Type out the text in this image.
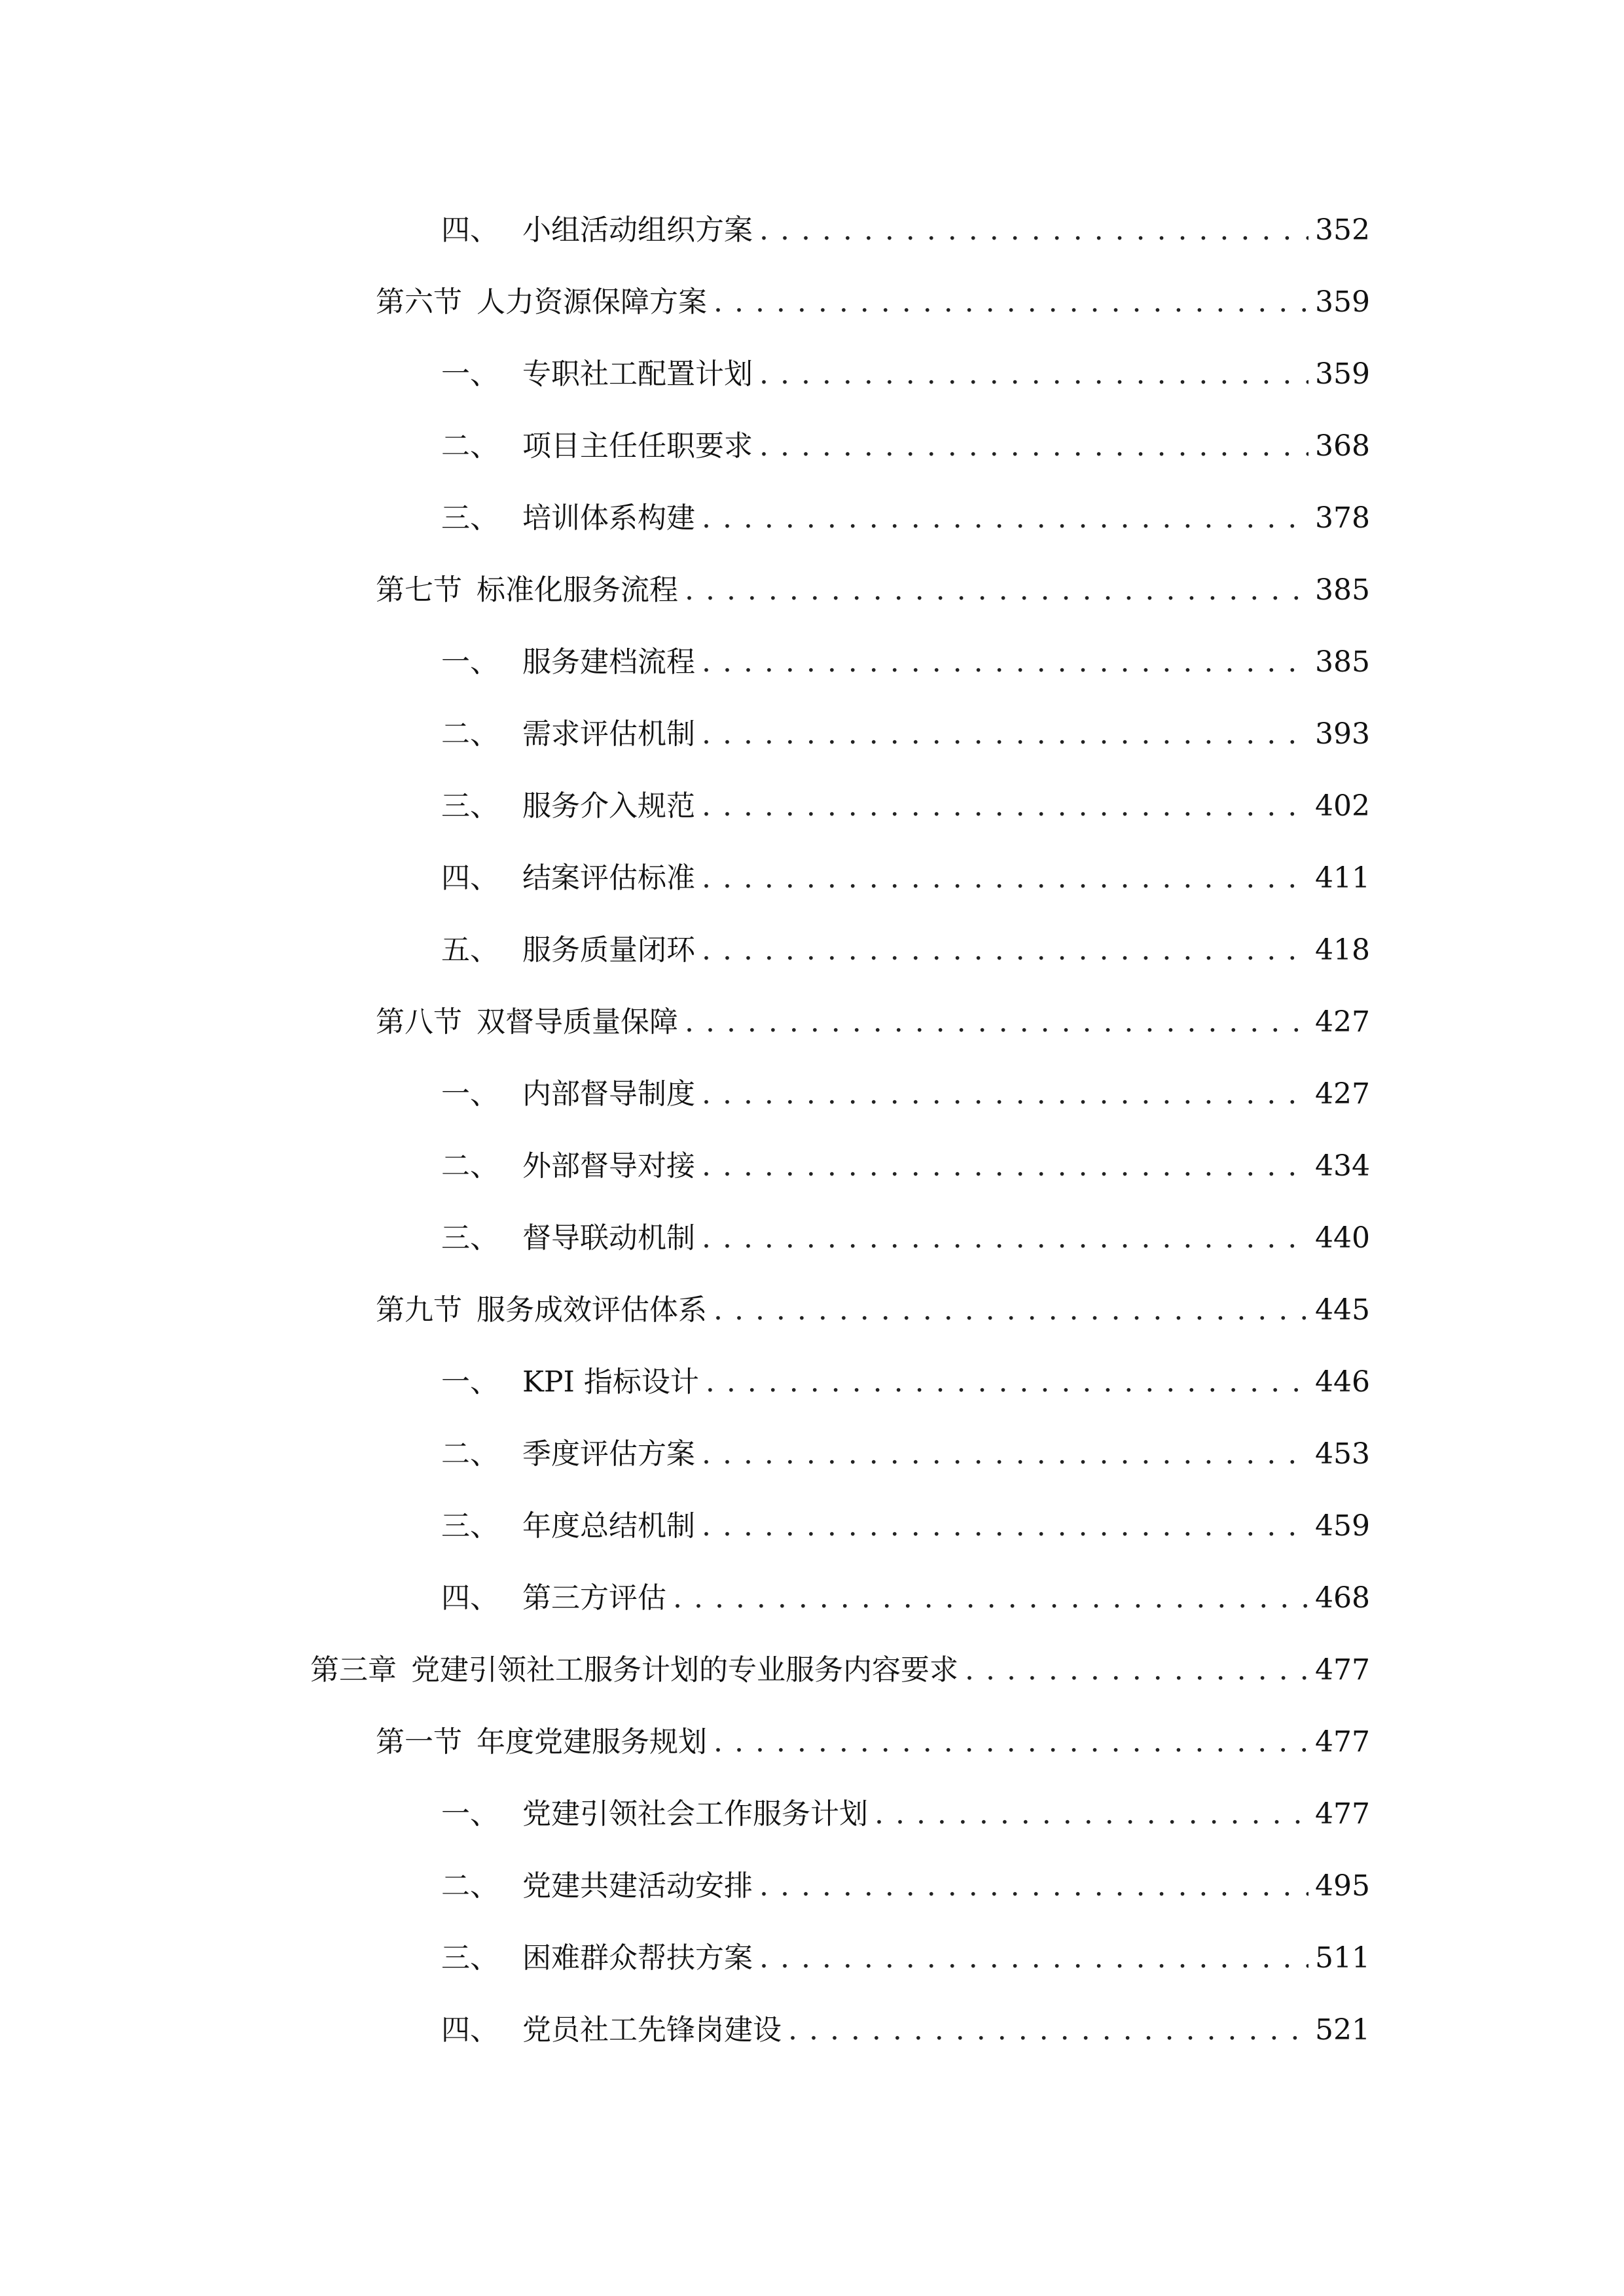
四、 小组活动组织方案 . . .	352
第六节 人力资源保障方案 . . .	359
一、 专职社工配置计划 . . .	359
二、 项目主任任职要求 . . .	368
三、 培训体系构建 . . .	378
第七节 标准化服务流程 . . .	385
一、 服务建档流程 . . .	385
二、 需求评估机制 . . .	393
三、 服务介入规范 . . .	402
四、 结案评估标准 . . .	411
五、 服务质量闭环 . . .	418
第八节 双督导质量保障 . . .	427
一、 内部督导制度 . . .	427
二、 外部督导对接 . . .	434
三、 督导联动机制 . . .	440
第九节 服务成效评估体系 . . .	445
一、 KPI 指标设计 . . .	446
二、 季度评估方案 . . .	453
三、 年度总结机制 . . .	459
四、 第三方评估 . . .	468
第三章 党建引领社工服务计划的专业服务内容要求 . . .	477
第一节 年度党建服务规划 . . .	477
一、 党建引领社会工作服务计划 . . .	477
二、 党建共建活动安排 . . .	495
三、 困难群众帮扶方案 . . .	511
四、 党员社工先锋岗建设 . . .	521
